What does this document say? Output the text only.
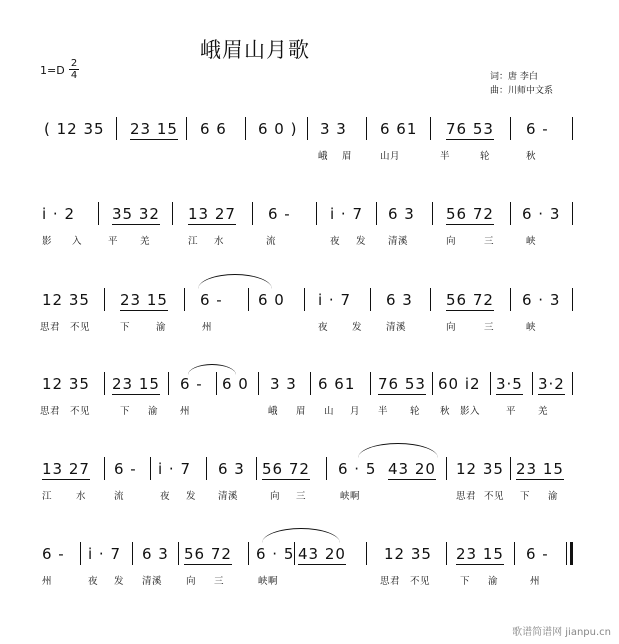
峨眉山月歌
1=D
2
4	词：唐 李白
曲：川师中文系
( 12 35 23 15 6 6 6 0 ) 3 3 6 61 76 53 6 -
峨 眉	山月	半	轮	秋
i · 2 35 32 13 27 6 -	i · 7 6 3 56 72 6 · 3
影 入	平 羌	江 水	流	夜 发 清溪	向	三	峡
12 35 23 15 6 - 6 0 i · 7 6 3 56 72 6 · 3
思君 不见	下	渝	州	夜	发	清溪	向	三	峡
12 35 23 15 6 - 6 0 3 3 6 61 76 53 60 i2 3·5 3·2
思君 不见	下 渝 州	峨 眉 山 月 半 轮 秋 影入	平 羌
13 27 6 - i · 7 6 3 56 72 6 · 5 43 20 12 35 23 15
江	水	流	夜 发 清溪	向 三	峡啊	思君 不见 下 渝
6 - i · 7 6 3 56 72 6 · 5 43 20	12 35 23 15 6 -
州	夜 发 清溪	向 三	峡啊	思君 不见	下 渝	州
歌谱简谱网 jianpu.cn
